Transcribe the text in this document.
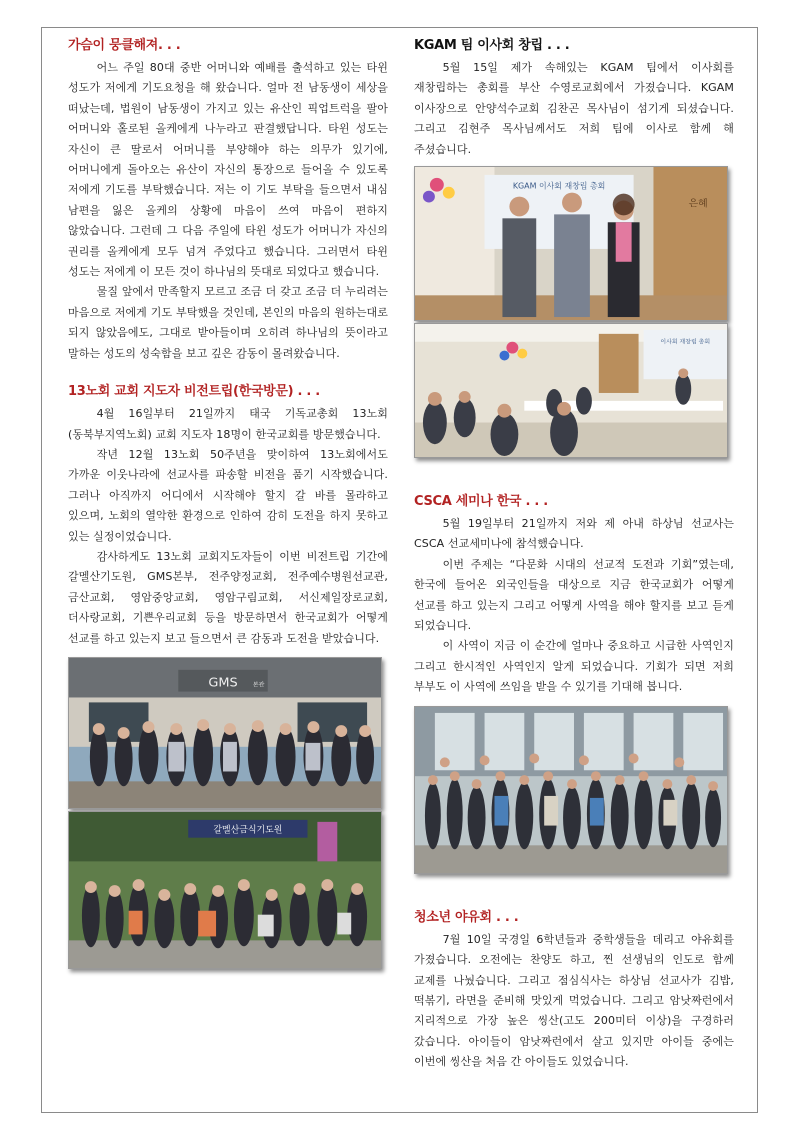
가슴이 뭉클해져. . .

어느 주일 80대 중반 어머니와 예배를 출석하고 있는 타윈 성도가 저에게 기도요청을 해 왔습니다. 얼마 전 남동생이 세상을 떠났는데, 법원이 남동생이 가지고 있는 유산인 픽업트럭을 팔아 어머니와 홀로된 올케에게 나누라고 판결했답니다. 타윈 성도는 자신이 큰 딸로서 어머니를 부양해야 하는 의무가 있기에, 어머니에게 돌아오는 유산이 자신의 통장으로 들어올 수 있도록 저에게 기도를 부탁했습니다. 저는 이 기도 부탁을 들으면서 내심 남편을 잃은 올케의 상황에 마음이 쓰여 마음이 편하지 않았습니다. 그런데 그 다음 주일에 타윈 성도가 어머니가 자신의 권리를 올케에게 모두 넘겨 주었다고 했습니다. 그러면서 타윈 성도는 저에게 이 모든 것이 하나님의 뜻대로 되었다고 했습니다.

물질 앞에서 만족할지 모르고 조금 더 갖고 조금 더 누리려는 마음으로 저에게 기도 부탁했을 것인데, 본인의 마음의 원하는대로 되지 않았음에도, 그대로 받아들이며 오히려 하나님의 뜻이라고 말하는 성도의 성숙함을 보고 깊은 감동이 몰려왔습니다.

13노회 교회 지도자 비전트립(한국방문) . . .

4월 16일부터 21일까지 태국 기독교총회 13노회(동북부지역노회) 교회 지도자 18명이 한국교회를 방문했습니다.

작년 12월 13노회 50주년을 맞이하여 13노회에서도 가까운 이웃나라에 선교사를 파송할 비전을 품기 시작했습니다. 그러나 아직까지 어디에서 시작해야 할지 갈 바를 몰라하고 있으며, 노회의 열악한 환경으로 인하여 감히 도전을 하지 못하고 있는 실정이었습니다.

감사하게도 13노회 교회지도자들이 이번 비전트립 기간에 갈멜산기도원, GMS본부, 전주양정교회, 전주예수병원선교관, 금산교회, 영암중앙교회, 영암구림교회, 서신제일장로교회, 더사랑교회, 기쁜우리교회 등을 방문하면서 한국교회가 어떻게 선교를 하고 있는지 보고 들으면서 큰 감동과 도전을 받았습니다.

GMS	본관
갈멜산금식기도원
KGAM 팀 이사회 창립 . . .

5월 15일 제가 속해있는 KGAM 팀에서 이사회를 재창립하는 총회를 부산 수영로교회에서 가졌습니다. KGAM 이사장으로 안양석수교회 김찬곤 목사님이 섬기게 되셨습니다. 그리고 김현주 목사님께서도 저희 팀에 이사로 함께 해 주셨습니다.

KGAM 이사회 재창립 총회
은혜
이사회 재창립 총회
CSCA 세미나 한국 . . .

5월 19일부터 21일까지 저와 제 아내 하상님 선교사는 CSCA 선교세미나에 참석했습니다.

이번 주제는 “다문화 시대의 선교적 도전과 기회”였는데, 한국에 들어온 외국인들을 대상으로 지금 한국교회가 어떻게 선교를 하고 있는지 그리고 어떻게 사역을 해야 할지를 보고 듣게 되었습니다.

이 사역이 지금 이 순간에 얼마나 중요하고 시급한 사역인지 그리고 한시적인 사역인지 알게 되었습니다. 기회가 되면 저희 부부도 이 사역에 쓰임을 받을 수 있기를 기대해 봅니다.

청소년 야유회 . . .

7월 10일 국경일 6학년들과 중학생들을 데리고 야유회를 가졌습니다. 오전에는 찬양도 하고, 찐 선생님의 인도로 함께 교제를 나눴습니다. 그리고 점심식사는 하상님 선교사가 김밥, 떡볶기, 라면을 준비해 맛있게 먹었습니다. 그리고 암낫짜런에서 지리적으로 가장 높은 씽산(고도 200미터 이상)을 구경하러 갔습니다. 아이들이 암낫짜런에서 살고 있지만 아이들 중에는 이번에 씽산을 처음 간 아이들도 있었습니다.
